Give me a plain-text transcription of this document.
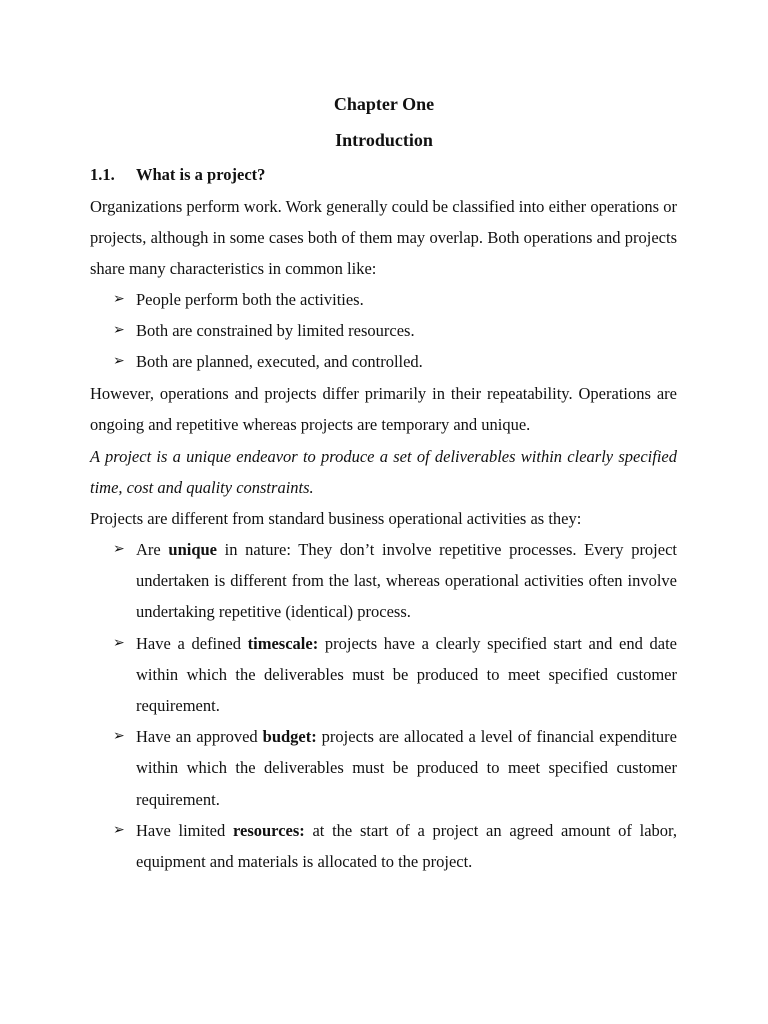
Chapter One
Introduction
1.1. What is a project?

Organizations perform work. Work generally could be classified into either operations or projects, although in some cases both of them may overlap. Both operations and projects share many characteristics in common like:

➢ People perform both the activities.
➢ Both are constrained by limited resources.
➢ Both are planned, executed, and controlled.

However, operations and projects differ primarily in their repeatability. Operations are ongoing and repetitive whereas projects are temporary and unique.

A project is a unique endeavor to produce a set of deliverables within clearly specified time, cost and quality constraints.

Projects are different from standard business operational activities as they:

➢ Are unique in nature: They don’t involve repetitive processes. Every project undertaken is different from the last, whereas operational activities often involve undertaking repetitive (identical) process.
➢ Have a defined timescale: projects have a clearly specified start and end date within which the deliverables must be produced to meet specified customer requirement.
➢ Have an approved budget: projects are allocated a level of financial expenditure within which the deliverables must be produced to meet specified customer requirement.
➢ Have limited resources: at the start of a project an agreed amount of labor, equipment and materials is allocated to the project.
